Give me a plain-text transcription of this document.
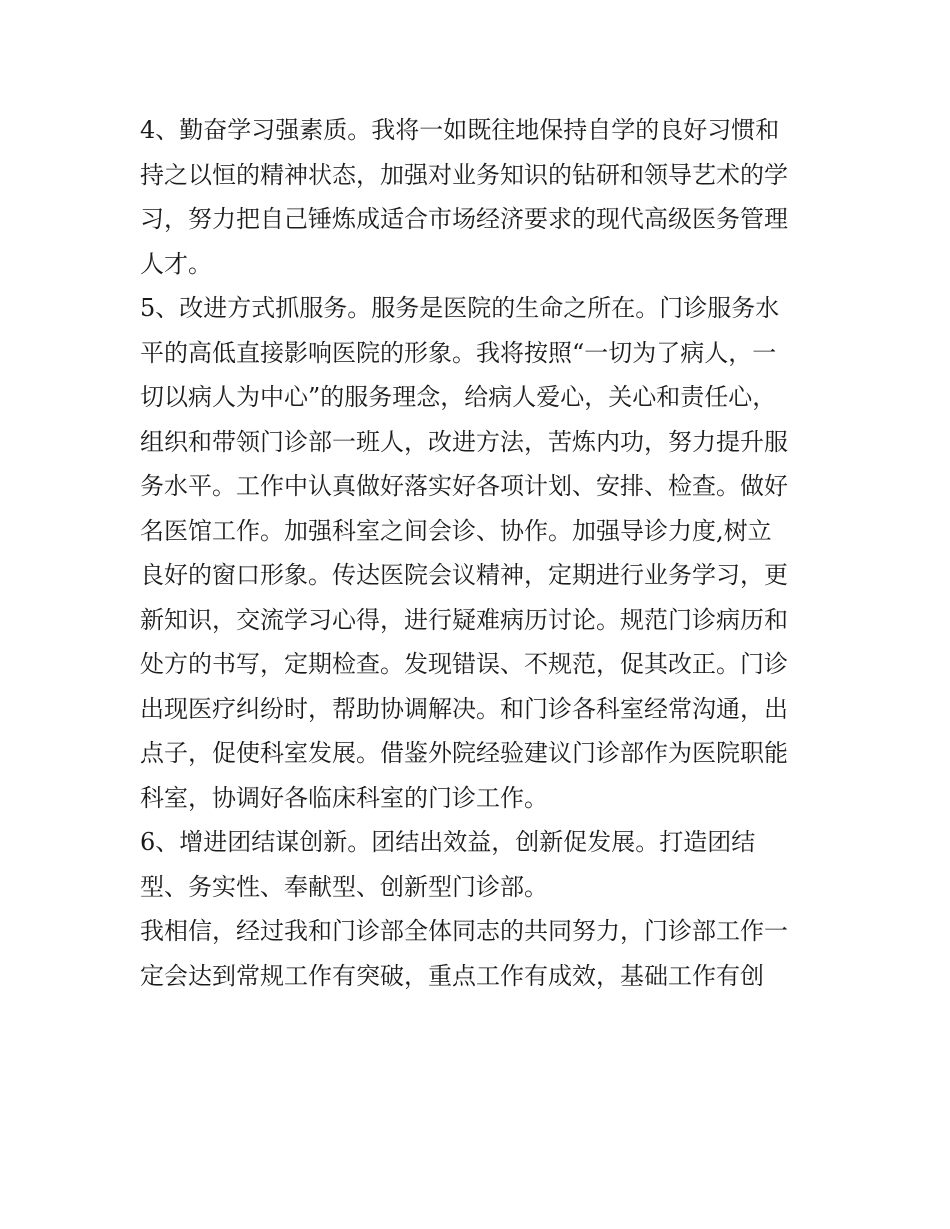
4、勤奋学习强素质。我将一如既往地保持自学的良好习惯和
持之以恒的精神状态，加强对业务知识的钻研和领导艺术的学
习，努力把自己锤炼成适合市场经济要求的现代高级医务管理
人才。
5、改进方式抓服务。服务是医院的生命之所在。门诊服务水
平的高低直接影响医院的形象。我将按照“一切为了病人，一
切以病人为中心”的服务理念，给病人爱心，关心和责任心，
组织和带领门诊部一班人，改进方法，苦炼内功，努力提升服
务水平。工作中认真做好落实好各项计划、安排、检查。做好
名医馆工作。加强科室之间会诊、协作。加强导诊力度,树立
良好的窗口形象。传达医院会议精神，定期进行业务学习，更
新知识，交流学习心得，进行疑难病历讨论。规范门诊病历和
处方的书写，定期检查。发现错误、不规范，促其改正。门诊
出现医疗纠纷时，帮助协调解决。和门诊各科室经常沟通，出
点子，促使科室发展。借鉴外院经验建议门诊部作为医院职能
科室，协调好各临床科室的门诊工作。
6、增进团结谋创新。团结出效益，创新促发展。打造团结
型、务实性、奉献型、创新型门诊部。
我相信，经过我和门诊部全体同志的共同努力，门诊部工作一
定会达到常规工作有突破，重点工作有成效，基础工作有创
